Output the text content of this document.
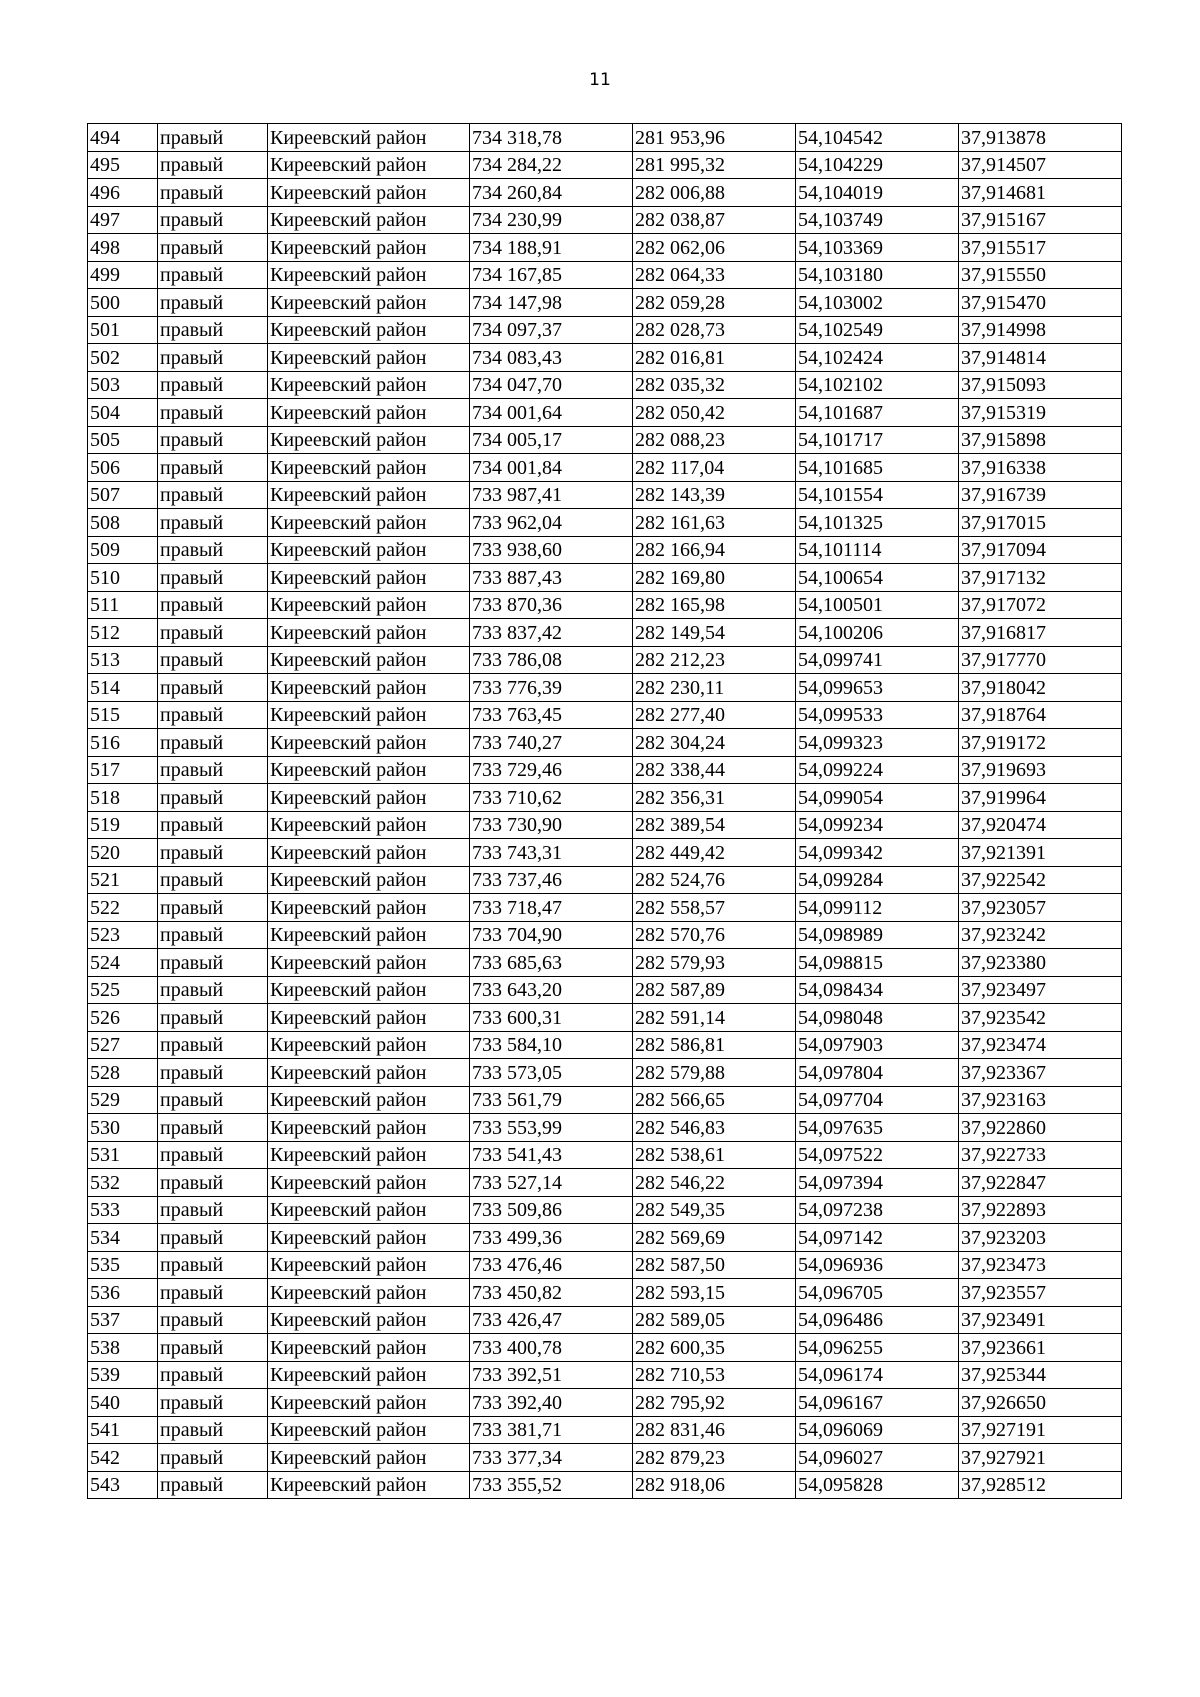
11
494	правый	Киреевский район	734 318,78	281 953,96	54,104542	37,913878
495	правый	Киреевский район	734 284,22	281 995,32	54,104229	37,914507
496	правый	Киреевский район	734 260,84	282 006,88	54,104019	37,914681
497	правый	Киреевский район	734 230,99	282 038,87	54,103749	37,915167
498	правый	Киреевский район	734 188,91	282 062,06	54,103369	37,915517
499	правый	Киреевский район	734 167,85	282 064,33	54,103180	37,915550
500	правый	Киреевский район	734 147,98	282 059,28	54,103002	37,915470
501	правый	Киреевский район	734 097,37	282 028,73	54,102549	37,914998
502	правый	Киреевский район	734 083,43	282 016,81	54,102424	37,914814
503	правый	Киреевский район	734 047,70	282 035,32	54,102102	37,915093
504	правый	Киреевский район	734 001,64	282 050,42	54,101687	37,915319
505	правый	Киреевский район	734 005,17	282 088,23	54,101717	37,915898
506	правый	Киреевский район	734 001,84	282 117,04	54,101685	37,916338
507	правый	Киреевский район	733 987,41	282 143,39	54,101554	37,916739
508	правый	Киреевский район	733 962,04	282 161,63	54,101325	37,917015
509	правый	Киреевский район	733 938,60	282 166,94	54,101114	37,917094
510	правый	Киреевский район	733 887,43	282 169,80	54,100654	37,917132
511	правый	Киреевский район	733 870,36	282 165,98	54,100501	37,917072
512	правый	Киреевский район	733 837,42	282 149,54	54,100206	37,916817
513	правый	Киреевский район	733 786,08	282 212,23	54,099741	37,917770
514	правый	Киреевский район	733 776,39	282 230,11	54,099653	37,918042
515	правый	Киреевский район	733 763,45	282 277,40	54,099533	37,918764
516	правый	Киреевский район	733 740,27	282 304,24	54,099323	37,919172
517	правый	Киреевский район	733 729,46	282 338,44	54,099224	37,919693
518	правый	Киреевский район	733 710,62	282 356,31	54,099054	37,919964
519	правый	Киреевский район	733 730,90	282 389,54	54,099234	37,920474
520	правый	Киреевский район	733 743,31	282 449,42	54,099342	37,921391
521	правый	Киреевский район	733 737,46	282 524,76	54,099284	37,922542
522	правый	Киреевский район	733 718,47	282 558,57	54,099112	37,923057
523	правый	Киреевский район	733 704,90	282 570,76	54,098989	37,923242
524	правый	Киреевский район	733 685,63	282 579,93	54,098815	37,923380
525	правый	Киреевский район	733 643,20	282 587,89	54,098434	37,923497
526	правый	Киреевский район	733 600,31	282 591,14	54,098048	37,923542
527	правый	Киреевский район	733 584,10	282 586,81	54,097903	37,923474
528	правый	Киреевский район	733 573,05	282 579,88	54,097804	37,923367
529	правый	Киреевский район	733 561,79	282 566,65	54,097704	37,923163
530	правый	Киреевский район	733 553,99	282 546,83	54,097635	37,922860
531	правый	Киреевский район	733 541,43	282 538,61	54,097522	37,922733
532	правый	Киреевский район	733 527,14	282 546,22	54,097394	37,922847
533	правый	Киреевский район	733 509,86	282 549,35	54,097238	37,922893
534	правый	Киреевский район	733 499,36	282 569,69	54,097142	37,923203
535	правый	Киреевский район	733 476,46	282 587,50	54,096936	37,923473
536	правый	Киреевский район	733 450,82	282 593,15	54,096705	37,923557
537	правый	Киреевский район	733 426,47	282 589,05	54,096486	37,923491
538	правый	Киреевский район	733 400,78	282 600,35	54,096255	37,923661
539	правый	Киреевский район	733 392,51	282 710,53	54,096174	37,925344
540	правый	Киреевский район	733 392,40	282 795,92	54,096167	37,926650
541	правый	Киреевский район	733 381,71	282 831,46	54,096069	37,927191
542	правый	Киреевский район	733 377,34	282 879,23	54,096027	37,927921
543	правый	Киреевский район	733 355,52	282 918,06	54,095828	37,928512
